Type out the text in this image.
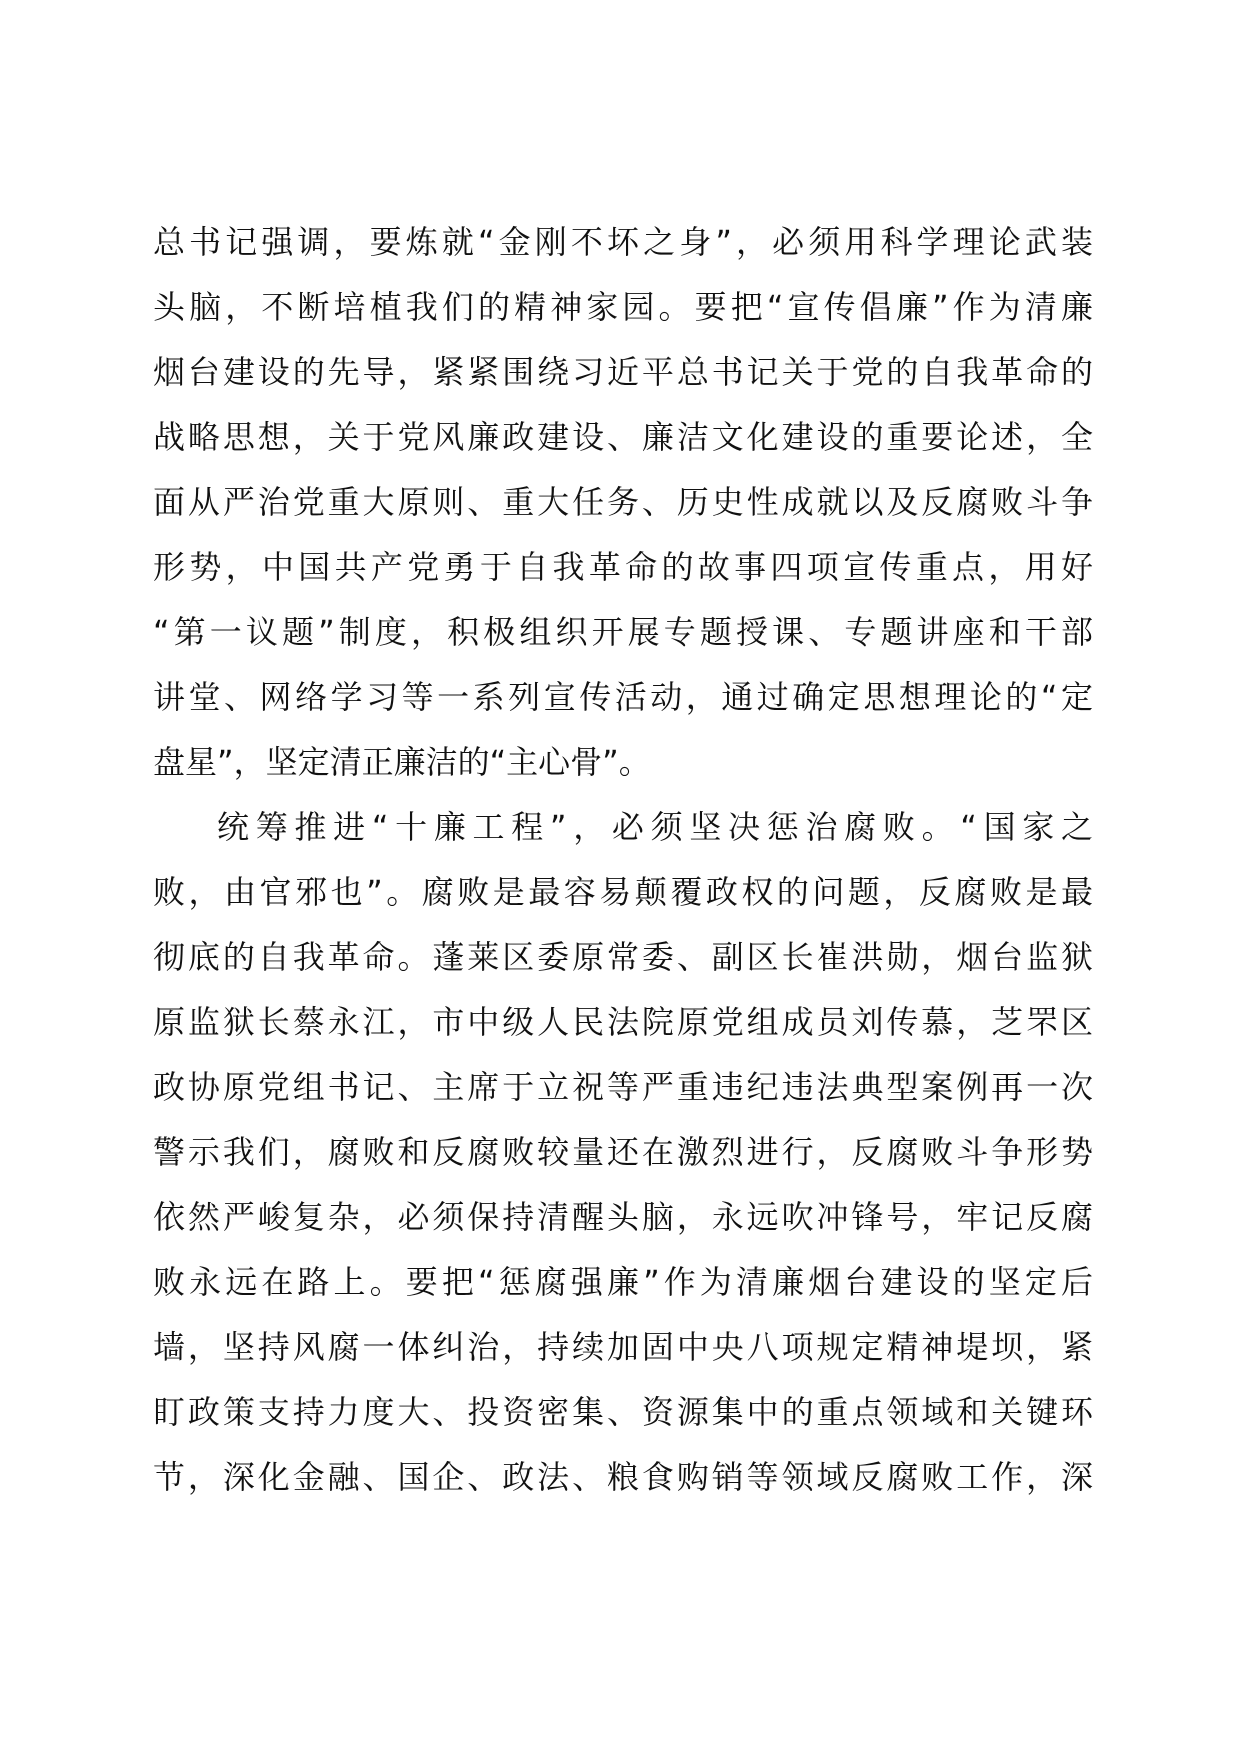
总书记强调，要炼就“金刚不坏之身”，必须用科学理论武装
头脑，不断培植我们的精神家园。要把“宣传倡廉”作为清廉
烟台建设的先导，紧紧围绕习近平总书记关于党的自我革命的
战略思想，关于党风廉政建设、廉洁文化建设的重要论述，全
面从严治党重大原则、重大任务、历史性成就以及反腐败斗争
形势，中国共产党勇于自我革命的故事四项宣传重点，用好
“第一议题”制度，积极组织开展专题授课、专题讲座和干部
讲堂、网络学习等一系列宣传活动，通过确定思想理论的“定
盘星”，坚定清正廉洁的“主心骨”。
统筹推进“十廉工程”，必须坚决惩治腐败。“国家之
败，由官邪也”。腐败是最容易颠覆政权的问题，反腐败是最
彻底的自我革命。蓬莱区委原常委、副区长崔洪勋，烟台监狱
原监狱长蔡永江，市中级人民法院原党组成员刘传慕，芝罘区
政协原党组书记、主席于立祝等严重违纪违法典型案例再一次
警示我们，腐败和反腐败较量还在激烈进行，反腐败斗争形势
依然严峻复杂，必须保持清醒头脑，永远吹冲锋号，牢记反腐
败永远在路上。要把“惩腐强廉”作为清廉烟台建设的坚定后
墙，坚持风腐一体纠治，持续加固中央八项规定精神堤坝，紧
盯政策支持力度大、投资密集、资源集中的重点领域和关键环
节，深化金融、国企、政法、粮食购销等领域反腐败工作，深
